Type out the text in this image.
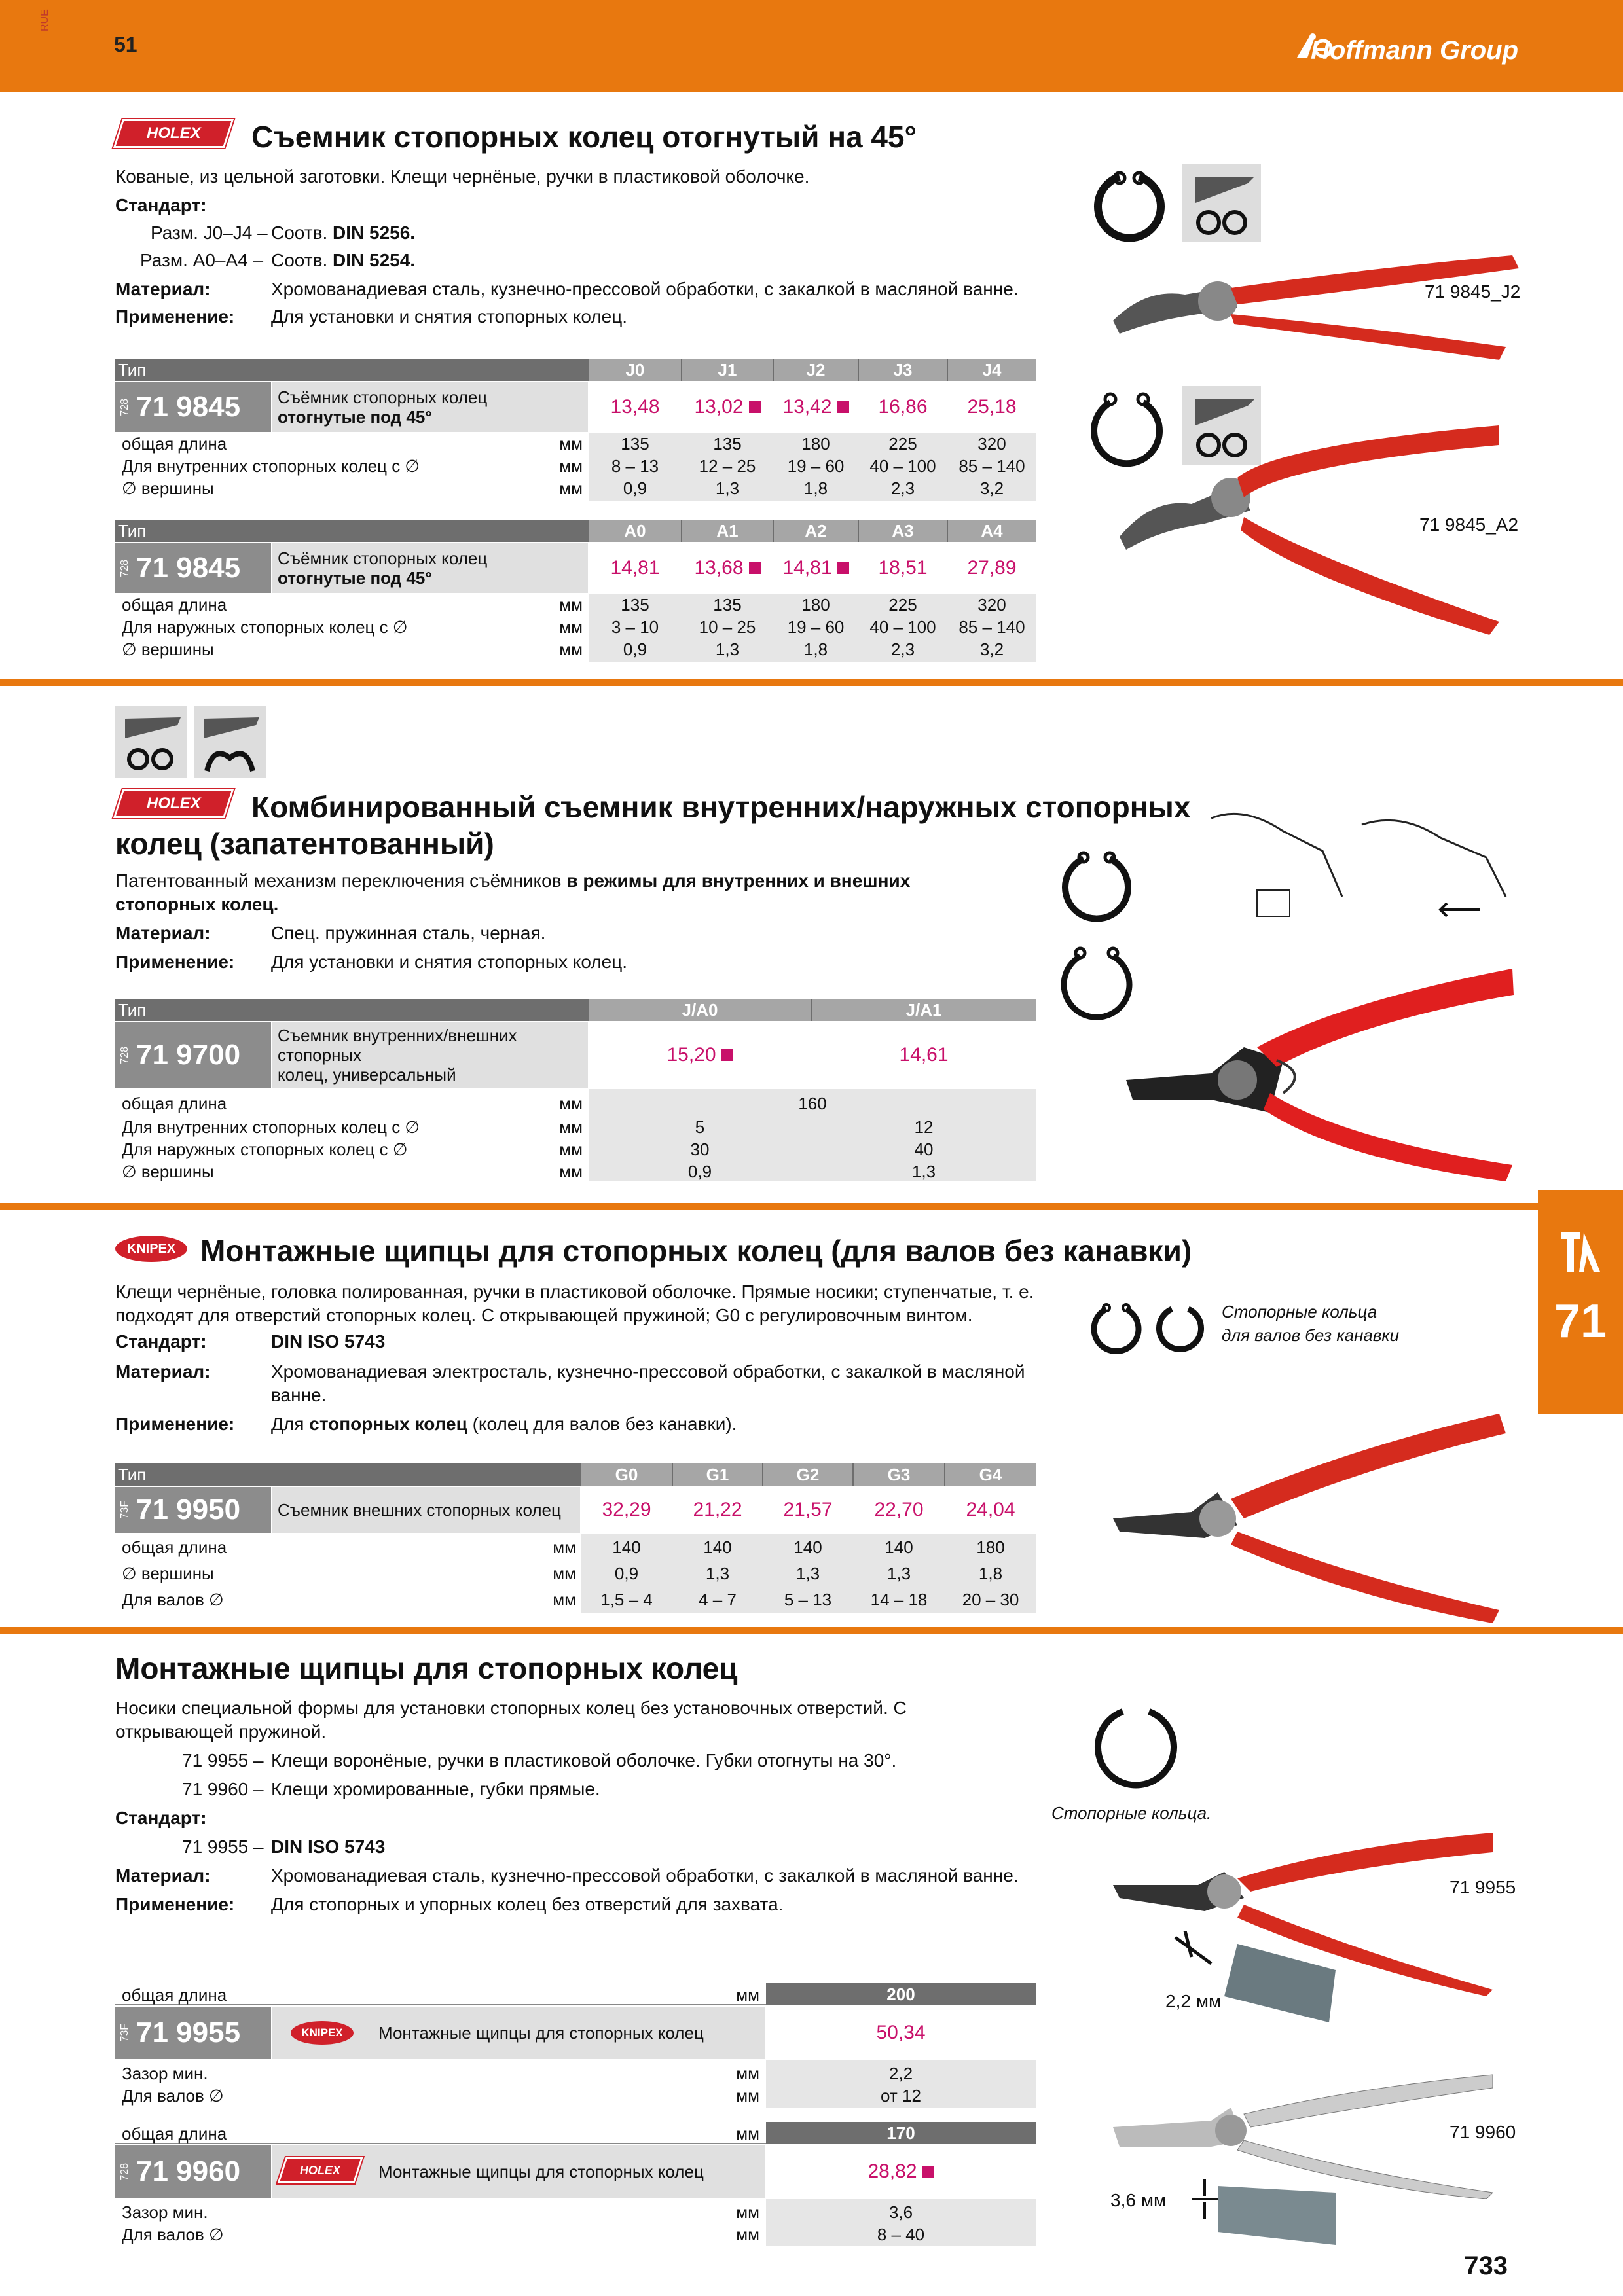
RUE
51	Hoffmann Group
HOLEX Съемник стопорных колец отогнутый на 45°
Кованые, из цельной заготовки. Клещи чернёные, ручки в пластиковой оболочке.
Стандарт:
Разм. J0–J4 – Соотв. DIN 5256.
Разм. A0–A4 – Соотв. DIN 5254.
Материал:	Хромованадиевая сталь, кузнечно-прессовой обработки, с закалкой в масляной ванне.
Применение: Для установки и снятия стопорных колец.
71 9845_J2
71 9845_A2
Тип	J0	J1	J2	J3	J4
728 71 9845 Съёмник стопорных колец
отогнутые под 45°	13,48	13,02 13,42	16,86	25,18
общая длина	мм	135	135	180	225	320
Для внутренних стопорных колец с ∅	мм	8 – 13	12 – 25	19 – 60	40 – 100	85 – 140
∅ вершины	мм	0,9	1,3	1,8	2,3	3,2
Тип	A0	A1	A2	A3	A4
728 71 9845 Съёмник стопорных колец
отогнутые под 45°	14,81	13,68 14,81	18,51	27,89
общая длина	мм	135	135	180	225	320
Для наружных стопорных колец с ∅	мм	3 – 10	10 – 25	19 – 60	40 – 100	85 – 140
∅ вершины	мм	0,9	1,3	1,8	2,3	3,2
HOLEX Комбинированный съемник внутренних/наружных стопорных
колец (запатентованный)
Патентованный механизм переключения съёмников в режимы для внутренних и внешних
стопорных колец.
Материал:	Спец. пружинная сталь, черная.
Применение: Для установки и снятия стопорных колец.
Тип	J/A0	J/A1
728 71 9700
Съемник внутренних/внешних стопорных
колец, универсальный
15,20	14,61
общая длина	мм	160
Для внутренних стопорных колец с ∅	мм	5	12
Для наружных стопорных колец с ∅	мм	30	40
∅ вершины	мм	0,9	1,3
71
KNIPEX Монтажные щипцы для стопорных колец (для валов без канавки)
Клещи чернёные, головка полированная, ручки в пластиковой оболочке. Прямые носики; ступенчатые, т. е.
подходят для отверстий стопорных колец. С открывающей пружиной; G0 с регулировочным винтом.
Стандарт:	DIN ISO 5743
Материал:	Хромованадиевая электросталь, кузнечно-прессовой обработки, с закалкой в масляной
ванне.
Применение: Для стопорных колец (колец для валов без канавки).
Стопорные кольца
для валов без канавки
Тип	G0	G1	G2	G3	G4
73F 71 9950 Съемник внешних стопорных колец	32,29	21,22	21,57	22,70	24,04
общая длина	мм	140	140	140	140	180
∅ вершины	мм	0,9	1,3	1,3	1,3	1,8
Для валов ∅	мм	1,5 – 4	4 – 7	5 – 13	14 – 18	20 – 30
Монтажные щипцы для стопорных колец
Носики специальной формы для установки стопорных колец без установочных отверстий. С
открывающей пружиной.
71 9955 – Клещи воронёные, ручки в пластиковой оболочке. Губки отогнуты на 30°.
71 9960 – Клещи хромированные, губки прямые.
Стандарт:
71 9955 – DIN ISO 5743
Материал:	Хромованадиевая сталь, кузнечно-прессовой обработки, с закалкой в масляной ванне.
Применение: Для стопорных и упорных колец без отверстий для захвата.
Стопорные кольца.
71 9955
2,2 мм
71 9960
3,6 мм
общая длина	мм	200
73F 71 9955	KNIPEX	Монтажные щипцы для стопорных колец	50,34
Зазор мин.	мм	2,2
Для валов ∅	мм	от 12
общая длина	мм	170
728 71 9960	HOLEX Монтажные щипцы для стопорных колец	28,82
Зазор мин.	мм	3,6
Для валов ∅	мм	8 – 40
733
